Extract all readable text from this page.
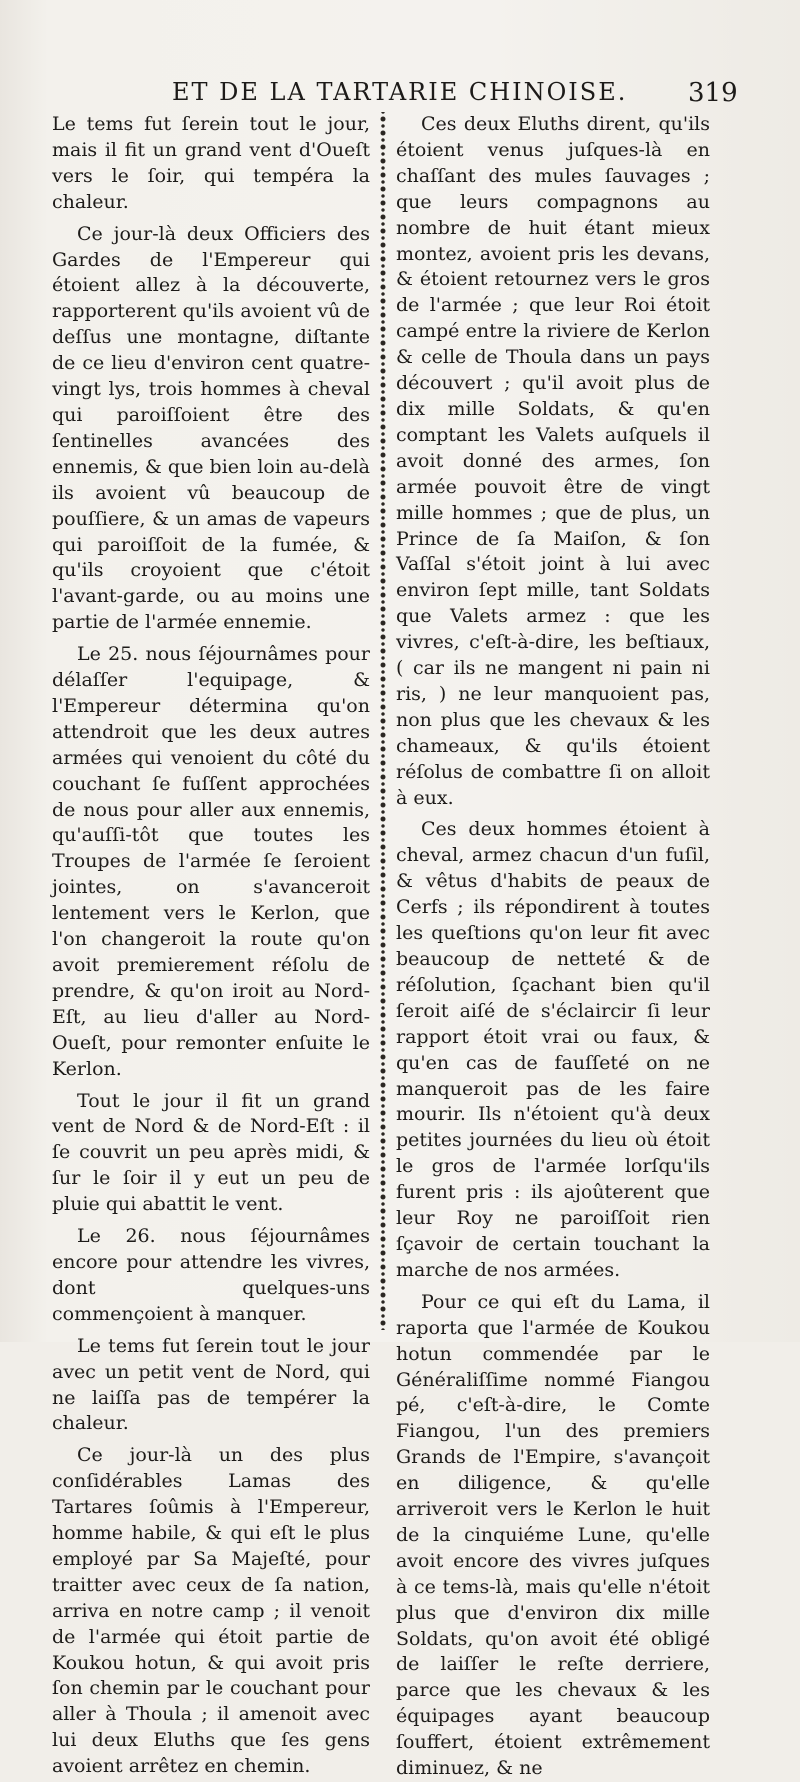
ET DE LA TARTARIE CHINOISE. 319

Le tems fut ſerein tout le jour, mais il fit un grand vent d'Oueſt vers le ſoir, qui tempéra la chaleur.

Ce jour-là deux Officiers des Gardes de l'Empereur qui étoient allez à la découverte, rapporterent qu'ils avoient vû de deſſus une montagne, diſtante de ce lieu d'environ cent quatre-vingt lys, trois hommes à cheval qui paroiſſoient être des ſentinelles avancées des ennemis, & que bien loin au-delà ils avoient vû beaucoup de pouſſiere, & un amas de vapeurs qui paroiſſoit de la fumée, & qu'ils croyoient que c'étoit l'avant-garde, ou au moins une partie de l'armée ennemie.

Le 25. nous ſéjournâmes pour délaſſer l'equipage, & l'Empereur détermina qu'on attendroit que les deux autres armées qui venoient du côté du couchant ſe fuſſent approchées de nous pour aller aux ennemis, qu'auſſi-tôt que toutes les Troupes de l'armée ſe ſeroient jointes, on s'avanceroit lentement vers le Kerlon, que l'on changeroit la route qu'on avoit premierement réſolu de prendre, & qu'on iroit au Nord-Eſt, au lieu d'aller au Nord-Oueſt, pour remonter enſuite le Kerlon.

Tout le jour il fit un grand vent de Nord & de Nord-Eſt : il ſe couvrit un peu après midi, & ſur le ſoir il y eut un peu de pluie qui abattit le vent.

Le 26. nous ſéjournâmes encore pour attendre les vivres, dont quelques-uns commençoient à manquer.

Le tems fut ſerein tout le jour avec un petit vent de Nord, qui ne laiſſa pas de tempérer la chaleur.

Ce jour-là un des plus conſidérables Lamas des Tartares ſoûmis à l'Empereur, homme habile, & qui eſt le plus employé par Sa Majeſté, pour traitter avec ceux de ſa nation, arriva en notre camp ; il venoit de l'armée qui étoit partie de Koukou hotun, & qui avoit pris ſon chemin par le couchant pour aller à Thoula ; il amenoit avec lui deux Eluths que ſes gens avoient arrêtez en chemin.

Ces deux Eluths dirent, qu'ils étoient venus juſques-là en chaſſant des mules ſauvages ; que leurs compagnons au nombre de huit étant mieux montez, avoient pris les devans, & étoient retournez vers le gros de l'armée ; que leur Roi étoit campé entre la riviere de Kerlon & celle de Thoula dans un pays découvert ; qu'il avoit plus de dix mille Soldats, & qu'en comptant les Valets auſquels il avoit donné des armes, ſon armée pouvoit être de vingt mille hommes ; que de plus, un Prince de ſa Maiſon, & ſon Vaſſal s'étoit joint à lui avec environ ſept mille, tant Soldats que Valets armez : que les vivres, c'eſt-à-dire, les beſtiaux, ( car ils ne mangent ni pain ni ris, ) ne leur manquoient pas, non plus que les chevaux & les chameaux, & qu'ils étoient réſolus de combattre ſi on alloit à eux.

Ces deux hommes étoient à cheval, armez chacun d'un fuſil, & vêtus d'habits de peaux de Cerfs ; ils répondirent à toutes les queſtions qu'on leur fit avec beaucoup de netteté & de réſolution, ſçachant bien qu'il ſeroit aiſé de s'éclaircir ſi leur rapport étoit vrai ou faux, & qu'en cas de fauſſeté on ne manqueroit pas de les faire mourir. Ils n'étoient qu'à deux petites journées du lieu où étoit le gros de l'armée lorſqu'ils furent pris : ils ajoûterent que leur Roy ne paroiſſoit rien ſçavoir de certain touchant la marche de nos armées.

Pour ce qui eſt du Lama, il raporta que l'armée de Koukou hotun commendée par le Généraliſſime nommé Fiangou pé, c'eſt-à-dire, le Comte Fiangou, l'un des premiers Grands de l'Empire, s'avançoit en diligence, & qu'elle arriveroit vers le Kerlon le huit de la cinquiéme Lune, qu'elle avoit encore des vivres juſques à ce tems-là, mais qu'elle n'étoit plus que d'environ dix mille Soldats, qu'on avoit été obligé de laiſſer le reſte derriere, parce que les chevaux & les équipages ayant beaucoup ſouffert, étoient extrêmement diminuez, & ne
